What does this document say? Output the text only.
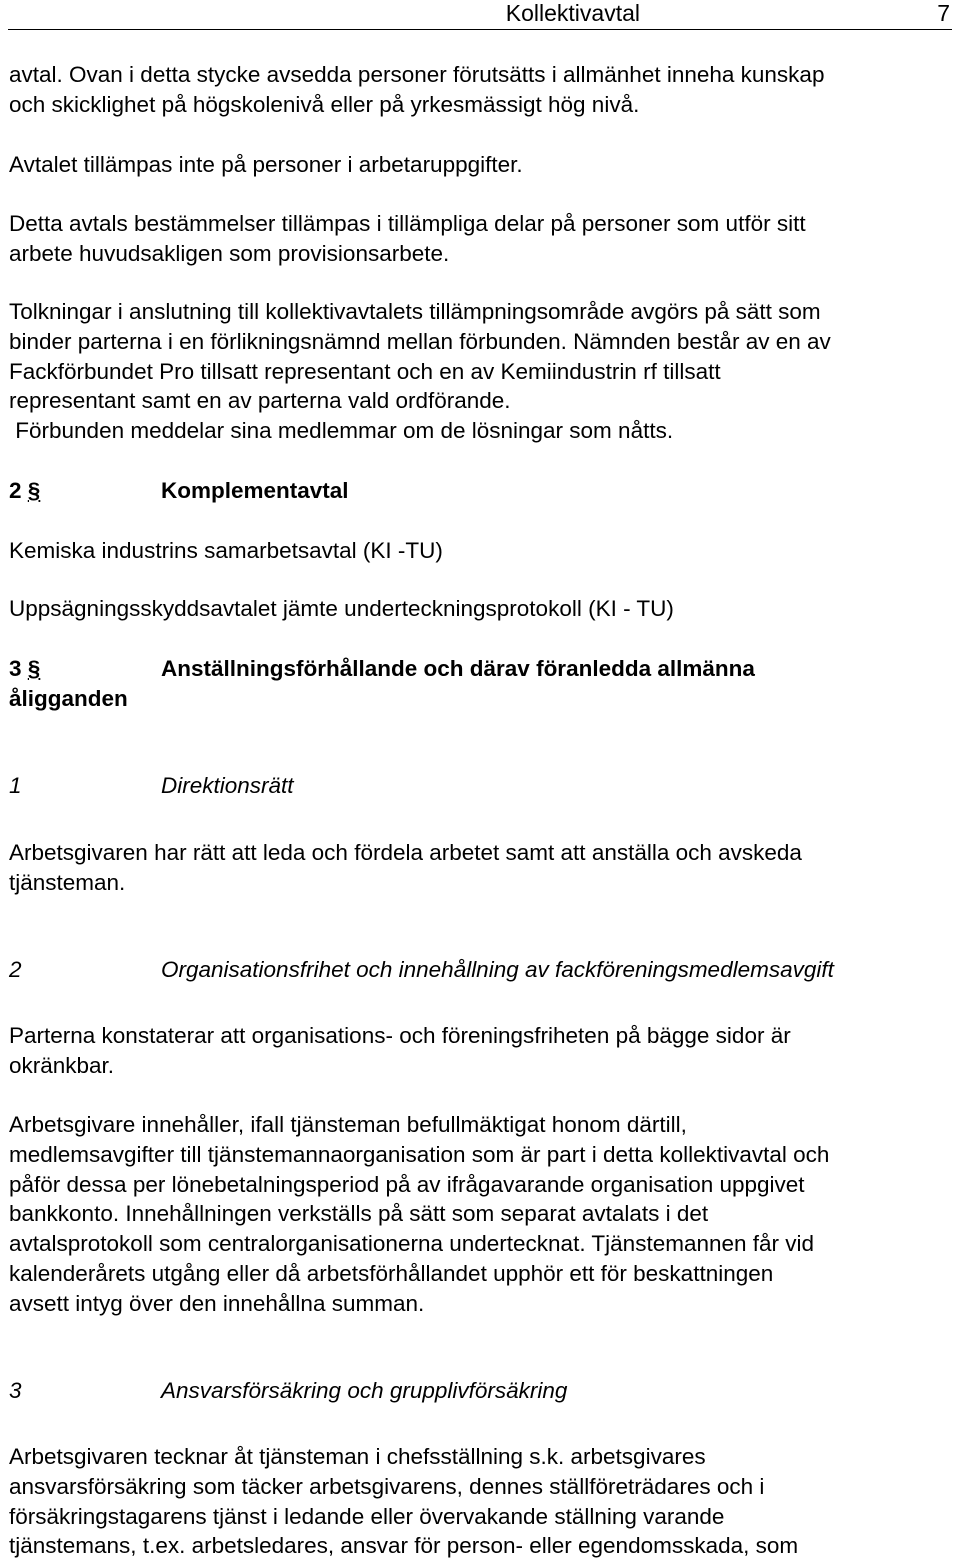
Kollektivavtal	7

avtal. Ovan i detta stycke avsedda personer förutsätts i allmänhet inneha kunskap
och skicklighet på högskolenivå eller på yrkesmässigt hög nivå.

Avtalet tillämpas inte på personer i arbetaruppgifter.

Detta avtals bestämmelser tillämpas i tillämpliga delar på personer som utför sitt
arbete huvudsakligen som provisionsarbete.

Tolkningar i anslutning till kollektivavtalets tillämpningsområde avgörs på sätt som
binder parterna i en förlikningsnämnd mellan förbunden. Nämnden består av en av
Fackförbundet Pro tillsatt representant och en av Kemiindustrin rf tillsatt
representant samt en av parterna vald ordförande.
Förbunden meddelar sina medlemmar om de lösningar som nåtts.

2 §	Komplementavtal

Kemiska industrins samarbetsavtal (KI -TU)

Uppsägningsskyddsavtalet jämte underteckningsprotokoll (KI - TU)

3 §	Anställningsförhållande och därav föranledda allmänna
åligganden
1	Direktionsrätt

Arbetsgivaren har rätt att leda och fördela arbetet samt att anställa och avskeda
tjänsteman.

2	Organisationsfrihet och innehållning av fackföreningsmedlemsavgift

Parterna konstaterar att organisations- och föreningsfriheten på bägge sidor är
okränkbar.

Arbetsgivare innehåller, ifall tjänsteman befullmäktigat honom därtill,
medlemsavgifter till tjänstemannaorganisation som är part i detta kollektivavtal och
påför dessa per lönebetalningsperiod på av ifrågavarande organisation uppgivet
bankkonto. Innehållningen verkställs på sätt som separat avtalats i det
avtalsprotokoll som centralorganisationerna undertecknat. Tjänstemannen får vid
kalenderårets utgång eller då arbetsförhållandet upphör ett för beskattningen
avsett intyg över den innehållna summan.

3	Ansvarsförsäkring och grupplivförsäkring

Arbetsgivaren tecknar åt tjänsteman i chefsställning s.k. arbetsgivares
ansvarsförsäkring som täcker arbetsgivarens, dennes ställföreträdares och i
försäkringstagarens tjänst i ledande eller övervakande ställning varande
tjänstemans, t.ex. arbetsledares, ansvar för person- eller egendomsskada, som
